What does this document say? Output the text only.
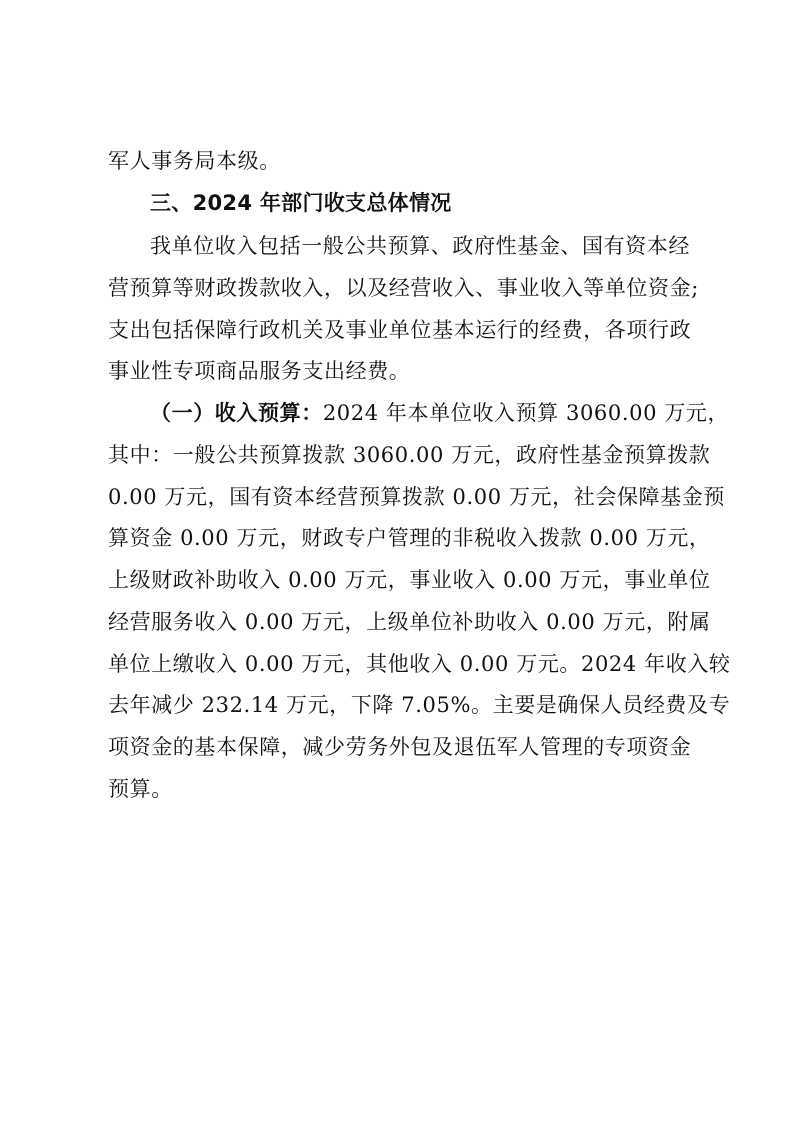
军人事务局本级。
三、2024 年部门收支总体情况
我单位收入包括一般公共预算、政府性基金、国有资本经
营预算等财政拨款收入，以及经营收入、事业收入等单位资金;
支出包括保障行政机关及事业单位基本运行的经费，各项行政
事业性专项商品服务支出经费。
（一）收入预算：2024 年本单位收入预算 3060.00 万元，
其中：一般公共预算拨款 3060.00 万元，政府性基金预算拨款
0.00 万元，国有资本经营预算拨款 0.00 万元，社会保障基金预
算资金 0.00 万元，财政专户管理的非税收入拨款 0.00 万元，
上级财政补助收入 0.00 万元，事业收入 0.00 万元，事业单位
经营服务收入 0.00 万元，上级单位补助收入 0.00 万元，附属
单位上缴收入 0.00 万元，其他收入 0.00 万元。2024 年收入较
去年减少 232.14 万元，下降 7.05%。主要是确保人员经费及专
项资金的基本保障，减少劳务外包及退伍军人管理的专项资金
预算。
